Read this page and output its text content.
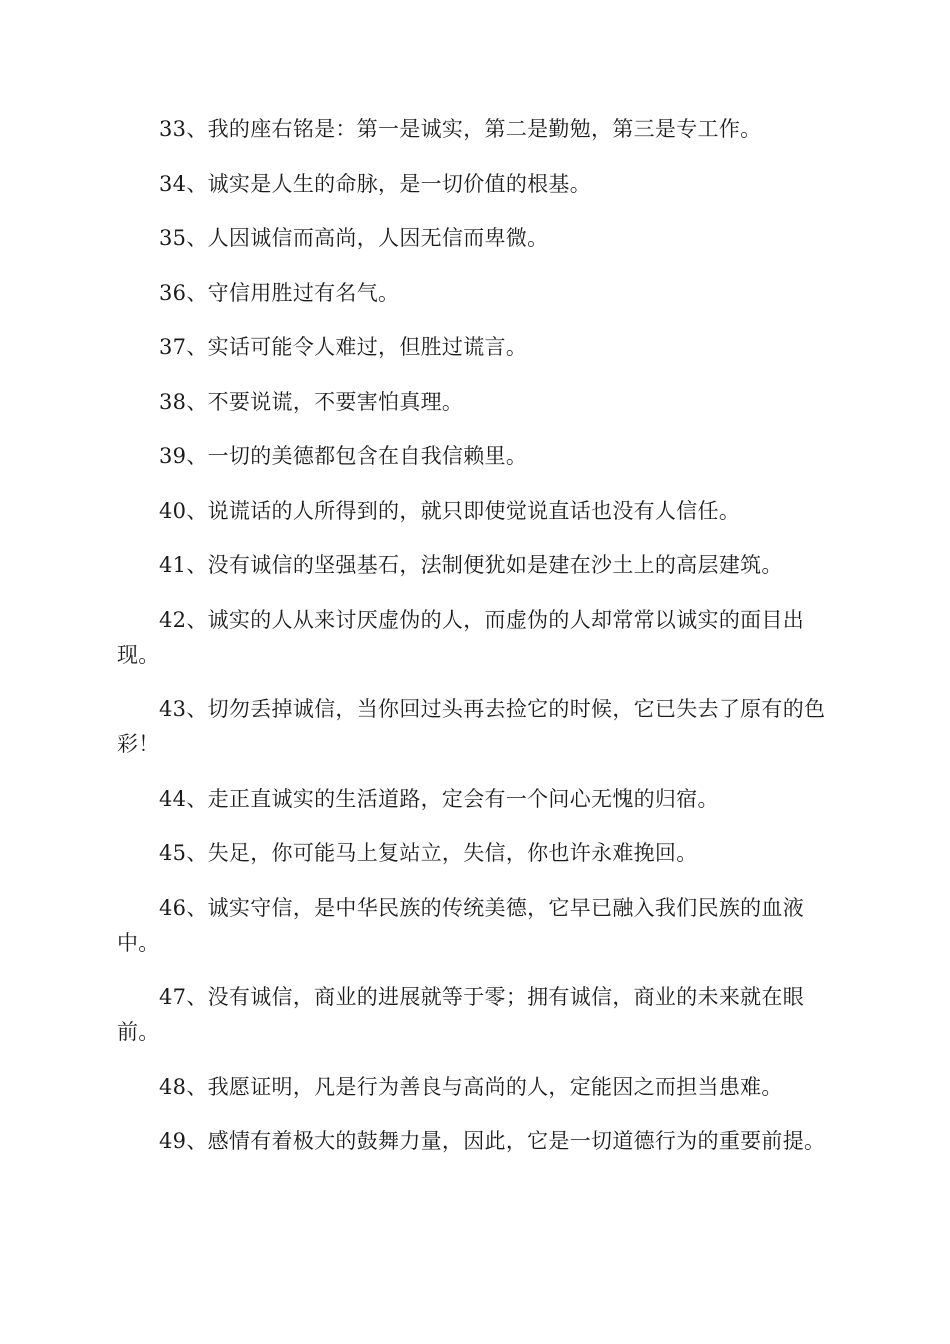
33、我的座右铭是：第一是诚实，第二是勤勉，第三是专工作。

34、诚实是人生的命脉，是一切价值的根基。

35、人因诚信而高尚，人因无信而卑微。

36、守信用胜过有名气。

37、实话可能令人难过，但胜过谎言。

38、不要说谎，不要害怕真理。

39、一切的美德都包含在自我信赖里。

40、说谎话的人所得到的，就只即使觉说直话也没有人信任。

41、没有诚信的坚强基石，法制便犹如是建在沙土上的高层建筑。

42、诚实的人从来讨厌虚伪的人，而虚伪的人却常常以诚实的面目出现。

43、切勿丢掉诚信，当你回过头再去捡它的时候，它已失去了原有的色彩！

44、走正直诚实的生活道路，定会有一个问心无愧的归宿。

45、失足，你可能马上复站立，失信，你也许永难挽回。

46、诚实守信，是中华民族的传统美德，它早已融入我们民族的血液中。

47、没有诚信，商业的进展就等于零；拥有诚信，商业的未来就在眼前。

48、我愿证明，凡是行为善良与高尚的人，定能因之而担当患难。

49、感情有着极大的鼓舞力量，因此，它是一切道德行为的重要前提。
